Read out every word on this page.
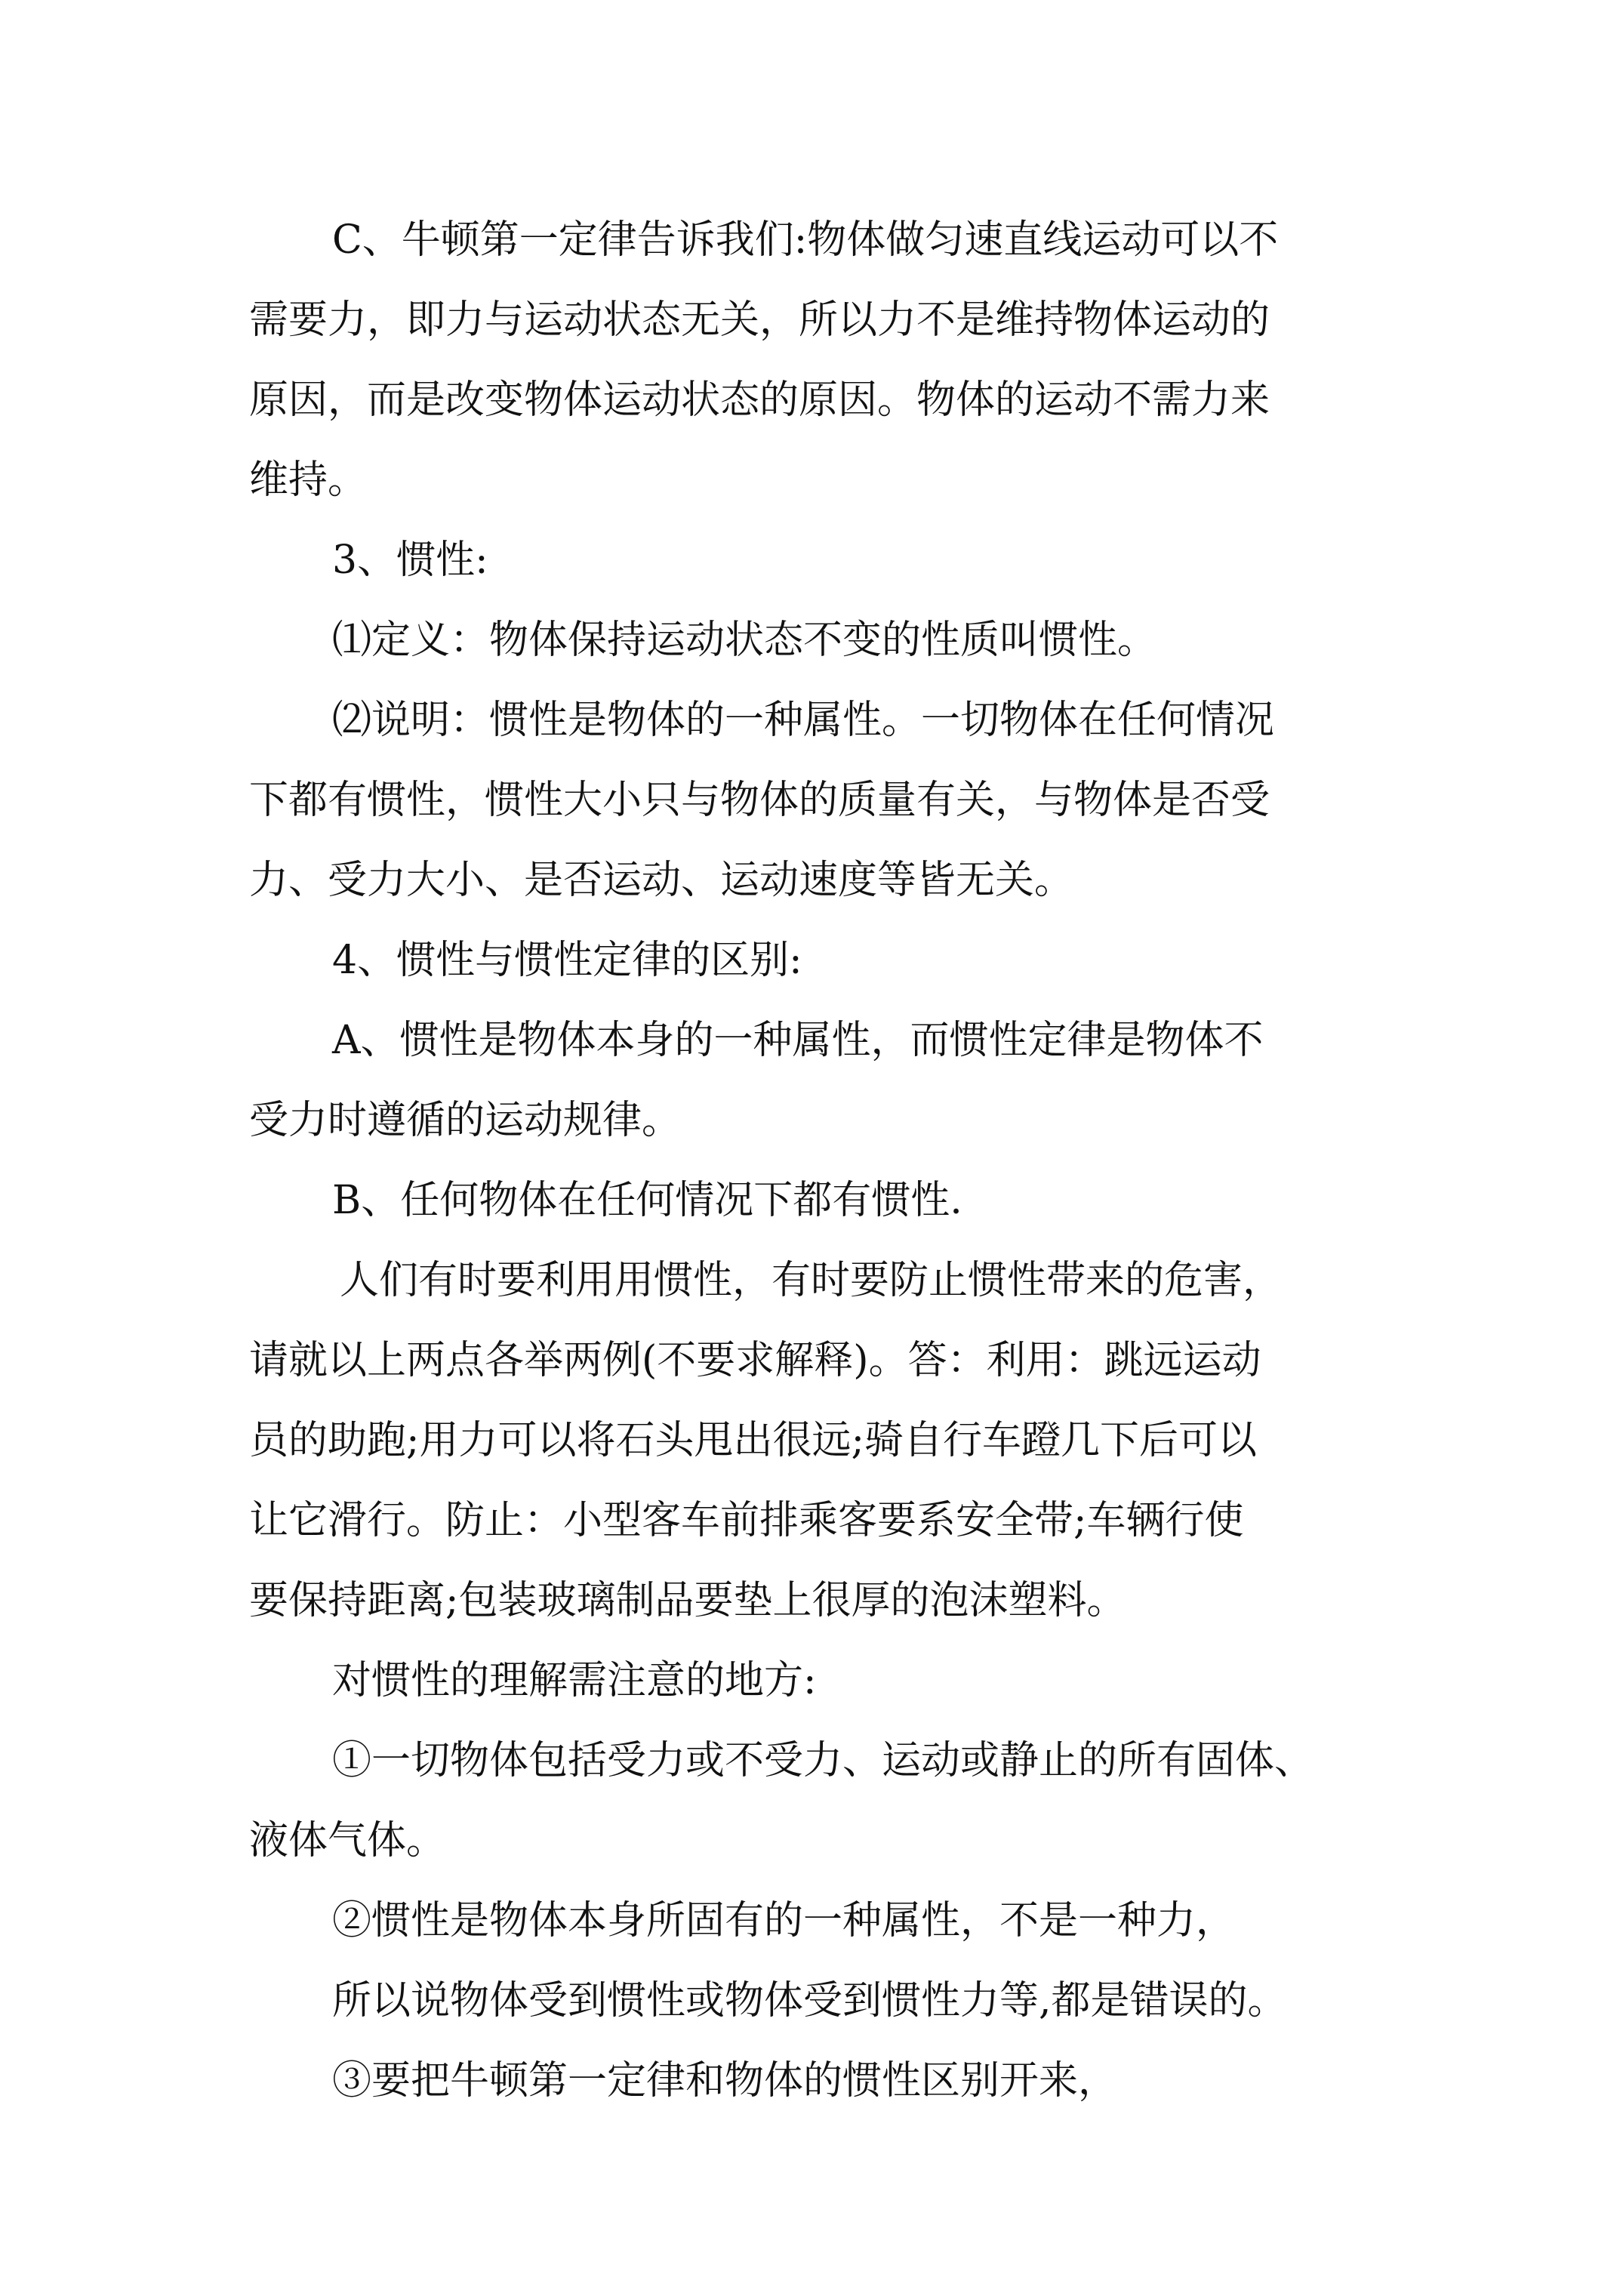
C、牛顿第一定律告诉我们:物体做匀速直线运动可以不
需要力，即力与运动状态无关，所以力不是维持物体运动的
原因，而是改变物体运动状态的原因。物体的运动不需力来
维持。
3、惯性:
⑴定义：物体保持运动状态不变的性质叫惯性。
⑵说明：惯性是物体的一种属性。一切物体在任何情况
下都有惯性，惯性大小只与物体的质量有关，与物体是否受
力、受力大小、是否运动、运动速度等皆无关。
4、惯性与惯性定律的区别:
A、惯性是物体本身的一种属性，而惯性定律是物体不
受力时遵循的运动规律。
B、任何物体在任何情况下都有惯性.
人们有时要利用用惯性，有时要防止惯性带来的危害，
请就以上两点各举两例(不要求解释)。答：利用：跳远运动
员的助跑;用力可以将石头甩出很远;骑自行车蹬几下后可以
让它滑行。防止：小型客车前排乘客要系安全带;车辆行使
要保持距离;包装玻璃制品要垫上很厚的泡沫塑料。
对惯性的理解需注意的地方:
①一切物体包括受力或不受力、运动或静止的所有固体、
液体气体。
②惯性是物体本身所固有的一种属性，不是一种力，
所以说物体受到惯性或物体受到惯性力等,都是错误的。
③要把牛顿第一定律和物体的惯性区别开来，
